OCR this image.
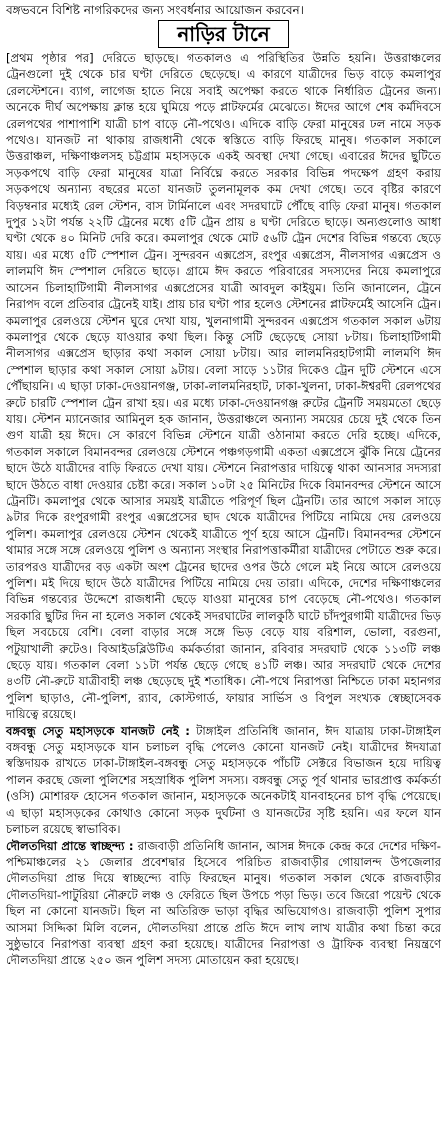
বঙ্গভবনে বিশিষ্ট নাগরিকদের জন্য সংবর্ধনার আয়োজন করবেন।

নাড়ির টানে

[প্রথম পৃষ্ঠার পর] দেরিতে ছাড়ছে। গতকালও এ পরিস্থিতির উন্নতি হয়নি। উত্তরাঞ্চলের ট্রেনগুলো দুই থেকে চার ঘণ্টা দেরিতে ছেড়েছে। এ কারণে যাত্রীদের ভিড় বাড়ে কমলাপুর রেলস্টেশনে। ব্যাগ, লাগেজ হাতে নিয়ে সবাই অপেক্ষা করতে থাকে নির্ধারিত ট্রেনের জন্য। অনেকে দীর্ঘ অপেক্ষায় ক্লান্ত হয়ে ঘুমিয়ে পড়ে প্লাটফর্মের মেঝেতে। ঈদের আগে শেষ কর্মদিবসে রেলপথের পাশাপাশি যাত্রী চাপ বাড়ে নৌ-পথেও। এদিকে বাড়ি ফেরা মানুষের ঢল নামে সড়ক পথেও। যানজট না থাকায় রাজধানী থেকে স্বস্তিতে বাড়ি ফিরছে মানুষ। গতকাল সকালে উত্তরাঞ্চল, দক্ষিণাঞ্চলসহ চট্টগ্রাম মহাসড়কে একই অবস্থা দেখা গেছে। এবারের ঈদের ছুটিতে সড়কপথে বাড়ি ফেরা মানুষের যাত্রা নির্বিঘ্নে করতে সরকার বিভিন্ন পদক্ষেপ গ্রহণ করায় সড়কপথে অন্যান্য বছরের মতো যানজট তুলনামূলক কম দেখা গেছে। তবে বৃষ্টির কারণে বিড়ম্বনার মধ্যেই রেল স্টেশন, বাস টার্মিনালে এবং সদরঘাটে পৌঁছে বাড়ি ফেরা মানুষ। গতকাল দুপুর ১২টা পর্যন্ত ২২টি ট্রেনের মধ্যে ৫টি ট্রেন প্রায় ৪ ঘণ্টা দেরিতে ছাড়ে। অন্যগুলোও আধা ঘণ্টা থেকে ৪০ মিনিট দেরি করে। কমলাপুর থেকে মোট ৫৬টি ট্রেন দেশের বিভিন্ন গন্তব্যে ছেড়ে যায়। এর মধ্যে ৫টি স্পেশাল ট্রেন। সুন্দরবন এক্সপ্রেস, রংপুর এক্সপ্রেস, নীলসাগর এক্সপ্রেস ও লালমণি ঈদ স্পেশাল দেরিতে ছাড়ে। গ্রামে ঈদ করতে পরিবারের সদস্যদের নিয়ে কমলাপুরে আসেন চিলাহাটিগামী নীলসাগর এক্সপ্রেসের যাত্রী আবদুল কাইয়ুম। তিনি জানালেন, ট্রেনে নিরাপদ বলে প্রতিবার ট্রেনেই যাই। প্রায় চার ঘণ্টা পার হলেও স্টেশনের প্লাটফর্মেই আসেনি ট্রেন। কমলাপুর রেলওয়ে স্টেশন ঘুরে দেখা যায়, খুলনাগামী সুন্দরবন এক্সপ্রেস গতকাল সকাল ৬টায় কমলাপুর থেকে ছেড়ে যাওয়ার কথা ছিল। কিন্তু সেটি ছেড়েছে সোয়া ৮টায়। চিলাহাটিগামী নীলসাগর এক্সপ্রেস ছাড়ার কথা সকাল সোয়া ৮টায়। আর লালমনিরহাটগামী লালমণি ঈদ স্পেশাল ছাড়ার কথা সকাল সোয়া ৯টায়। বেলা সাড়ে ১১টার দিকেও ট্রেন দুটি স্টেশনে এসে পৌঁছায়নি। এ ছাড়া ঢাকা-দেওয়ানগঞ্জ, ঢাকা-লালমনিরহাট, ঢাকা-খুলনা, ঢাকা-ঈশ্বরদী রেলপথের রুটে চারটি স্পেশাল ট্রেন রাখা হয়। এর মধ্যে ঢাকা-দেওয়ানগঞ্জ রুটের ট্রেনটি সময়মতো ছেড়ে যায়। স্টেশন ম্যানেজার আমিনুল হক জানান, উত্তরাঞ্চলে অন্যান্য সময়ের চেয়ে দুই থেকে তিন গুণ যাত্রী হয় ঈদে। সে কারণে বিভিন্ন স্টেশনে যাত্রী ওঠানামা করতে দেরি হচ্ছে। এদিকে, গতকাল সকালে বিমানবন্দর রেলওয়ে স্টেশনে পঞ্চগড়গামী একতা এক্সপ্রেসে ঝুঁকি নিয়ে ট্রেনের ছাদে উঠে যাত্রীদের বাড়ি ফিরতে দেখা যায়। স্টেশনে নিরাপত্তার দায়িত্বে থাকা আনসার সদস্যরা ছাদে উঠতে বাধা দেওয়ার চেষ্টা করে। সকাল ১০টা ২৫ মিনিটের দিকে বিমানবন্দর স্টেশনে আসে ট্রেনটি। কমলাপুর থেকে আসার সময়ই যাত্রীতে পরিপূর্ণ ছিল ট্রেনটি। তার আগে সকাল সাড়ে ৯টার দিকে রংপুরগামী রংপুর এক্সপ্রেসের ছাদ থেকে যাত্রীদের পিটিয়ে নামিয়ে দেয় রেলওয়ে পুলিশ। কমলাপুর রেলওয়ে স্টেশন থেকেই যাত্রীতে পূর্ণ হয়ে আসে ট্রেনটি। বিমানবন্দর স্টেশনে থামার সঙ্গে সঙ্গে রেলওয়ে পুলিশ ও অন্যান্য সংস্থার নিরাপত্তাকর্মীরা যাত্রীদের পেটাতে শুরু করে। তারপরও যাত্রীদের বড় একটা অংশ ট্রেনের ছাদের ওপর উঠে গেলে মই নিয়ে আসে রেলওয়ে পুলিশ। মই দিয়ে ছাদে উঠে যাত্রীদের পিটিয়ে নামিয়ে দেয় তারা। এদিকে, দেশের দক্ষিণাঞ্চলের বিভিন্ন গন্তব্যের উদ্দেশে রাজধানী ছেড়ে যাওয়া মানুষের চাপ বেড়েছে নৌ-পথেও। গতকাল সরকারি ছুটির দিন না হলেও সকাল থেকেই সদরঘাটের লালকুঠি ঘাটে চাঁদপুরগামী যাত্রীদের ভিড় ছিল সবচেয়ে বেশি। বেলা বাড়ার সঙ্গে সঙ্গে ভিড় বেড়ে যায় বরিশাল, ভোলা, বরগুনা, পটুয়াখালী রুটেও। বিআইডব্লিউটিএ কর্মকর্তারা জানান, রবিবার সদরঘাট থেকে ১১৩টি লঞ্চ ছেড়ে যায়। গতকাল বেলা ১১টা পর্যন্ত ছেড়ে গেছে ৪১টি লঞ্চ। আর সদরঘাট থেকে দেশের ৪৩টি নৌ-রুটে যাত্রীবাহী লঞ্চ ছেড়েছে দুই শতাধিক। নৌ-পথে নিরাপত্তা নিশ্চিতে ঢাকা মহানগর পুলিশ ছাড়াও, নৌ-পুলিশ, র‌্যাব, কোস্টগার্ড, ফায়ার সার্ভিস ও বিপুল সংখ্যক স্বেচ্ছাসেবক দায়িত্বে রয়েছে।

বঙ্গবন্ধু সেতু মহাসড়কে যানজট নেই : টাঙ্গাইল প্রতিনিধি জানান, ঈদ যাত্রায় ঢাকা-টাঙ্গাইল বঙ্গবন্ধু সেতু মহাসড়কে যান চলাচল বৃদ্ধি পেলেও কোনো যানজট নেই। যাত্রীদের ঈদযাত্রা স্বস্তিদায়ক রাখতে ঢাকা-টাঙ্গাইল-বঙ্গবন্ধু সেতু মহাসড়কে পাঁচটি সেক্টরে বিভাজন হয়ে দায়িত্ব পালন করছে জেলা পুলিশের সহস্রাধিক পুলিশ সদস্য। বঙ্গবন্ধু সেতু পূর্ব থানার ভারপ্রাপ্ত কর্মকর্তা (ওসি) মোশারফ হোসেন গতকাল জানান, মহাসড়কে অনেকটাই যানবাহনের চাপ বৃদ্ধি পেয়েছে। এ ছাড়া মহাসড়কের কোথাও কোনো সড়ক দুর্ঘটনা ও যানজটের সৃষ্টি হয়নি। এর ফলে যান চলাচল রয়েছে স্বাভাবিক।

দৌলতদিয়া প্রান্তে স্বাচ্ছন্দ্য : রাজবাড়ী প্রতিনিধি জানান, আসন্ন ঈদকে কেন্দ্র করে দেশের দক্ষিণ-পশ্চিমাঞ্চলের ২১ জেলার প্রবেশদ্বার হিসেবে পরিচিত রাজবাড়ীর গোয়ালন্দ উপজেলার দৌলতদিয়া প্রান্ত দিয়ে স্বাচ্ছন্দ্যে বাড়ি ফিরছেন মানুষ। গতকাল সকাল থেকে রাজবাড়ীর দৌলতদিয়া-পাটুরিয়া নৌরুটে লঞ্চ ও ফেরিতে ছিল উপচে পড়া ভিড়। তবে জিরো পয়েন্ট থেকে ছিল না কোনো যানজট। ছিল না অতিরিক্ত ভাড়া বৃদ্ধির অভিযোগও। রাজবাড়ী পুলিশ সুপার আসমা সিদ্দিকা মিলি বলেন, দৌলতদিয়া প্রান্তে প্রতি ঈদে লাখ লাখ যাত্রীর কথা চিন্তা করে সুষ্ঠুভাবে নিরাপত্তা ব্যবস্থা গ্রহণ করা হয়েছে। যাত্রীদের নিরাপত্তা ও ট্রাফিক ব্যবস্থা নিয়ন্ত্রণে দৌলতদিয়া প্রান্তে ২৫০ জন পুলিশ সদস্য মোতায়েন করা হয়েছে।
